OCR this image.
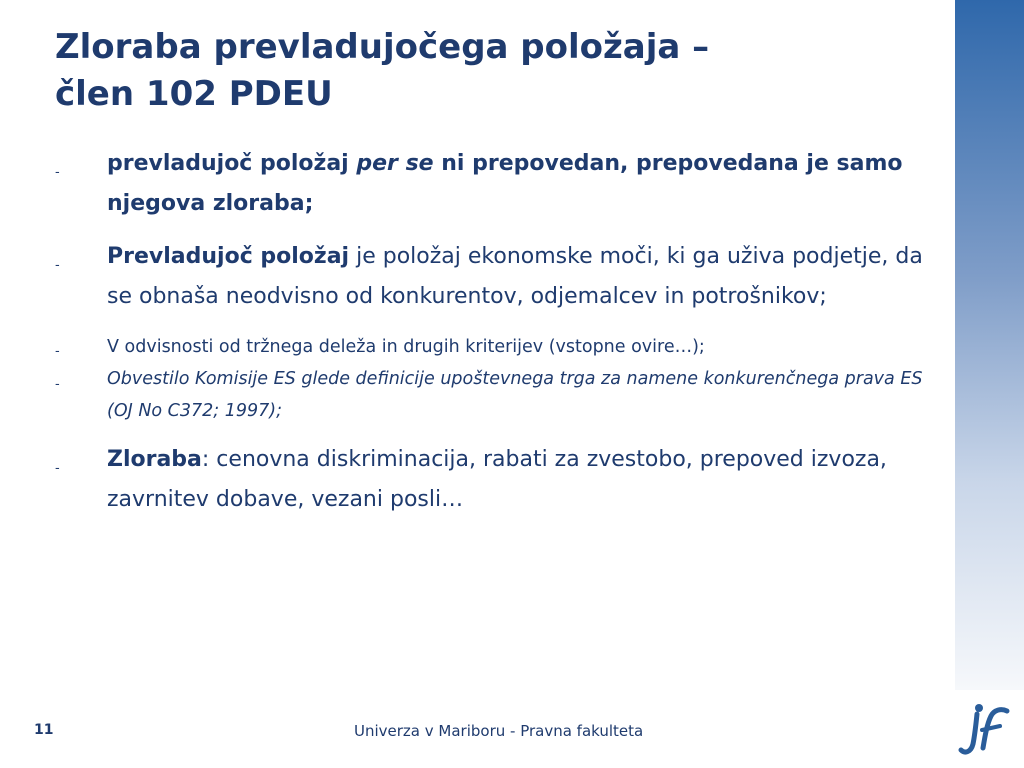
Zloraba prevladujočega položaja –
člen 102 PDEU
- prevladujoč položaj per se ni prepovedan, prepovedana je samo njegova zloraba;
- Prevladujoč položaj je položaj ekonomske moči, ki ga uživa podjetje, da se obnaša neodvisno od konkurentov, odjemalcev in potrošnikov;
-	V odvisnosti od tržnega deleža in drugih kriterijev (vstopne ovire…);
-	Obvestilo Komisije ES glede definicije upoštevnega trga za namene konkurenčnega prava ES (OJ No C372; 1997);
- Zloraba: cenovna diskriminacija, rabati za zvestobo, prepoved izvoza, zavrnitev dobave, vezani posli…
11	Univerza v Mariboru - Pravna fakulteta
